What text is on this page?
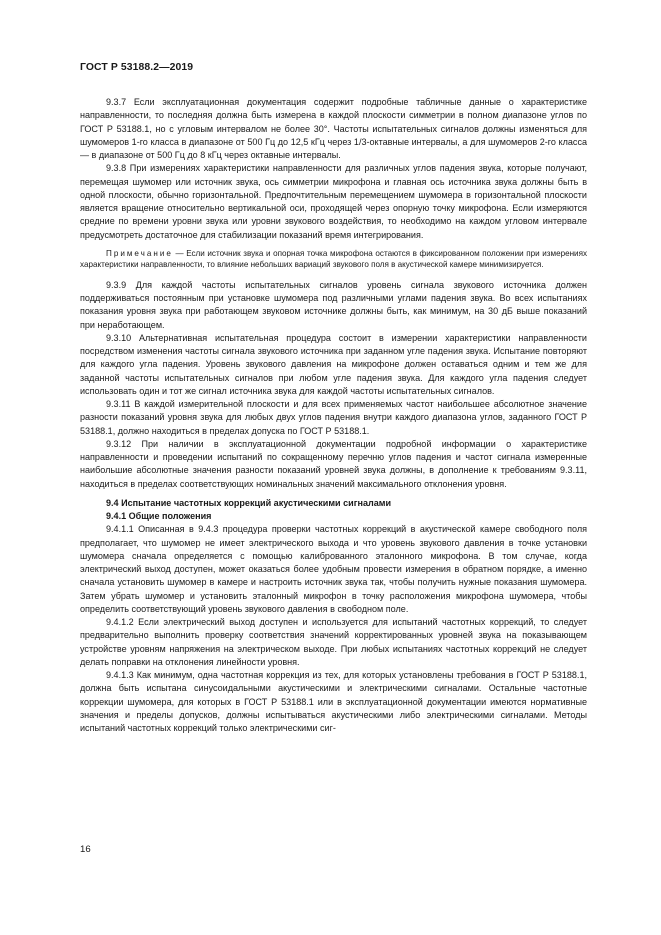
ГОСТ Р 53188.2—2019

9.3.7 Если эксплуатационная документация содержит подробные табличные данные о характеристике направленности, то последняя должна быть измерена в каждой плоскости симметрии в полном диапазоне углов по ГОСТ Р 53188.1, но с угловым интервалом не более 30°. Частоты испытательных сигналов должны изменяться для шумомеров 1-го класса в диапазоне от 500 Гц до 12,5 кГц через 1/3-октавные интервалы, а для шумомеров 2-го класса — в диапазоне от 500 Гц до 8 кГц через октавные интервалы.

9.3.8 При измерениях характеристики направленности для различных углов падения звука, которые получают, перемещая шумомер или источник звука, ось симметрии микрофона и главная ось источника звука должны быть в одной плоскости, обычно горизонтальной. Предпочтительным перемещением шумомера в горизонтальной плоскости является вращение относительно вертикальной оси, проходящей через опорную точку микрофона. Если измеряются средние по времени уровни звука или уровни звукового воздействия, то необходимо на каждом угловом интервале предусмотреть достаточное для стабилизации показаний время интегрирования.

Примечание — Если источник звука и опорная точка микрофона остаются в фиксированном положении при измерениях характеристики направленности, то влияние небольших вариаций звукового поля в акустической камере минимизируется.

9.3.9 Для каждой частоты испытательных сигналов уровень сигнала звукового источника должен поддерживаться постоянным при установке шумомера под различными углами падения звука. Во всех испытаниях показания уровня звука при работающем звуковом источнике должны быть, как минимум, на 30 дБ выше показаний при неработающем.

9.3.10 Альтернативная испытательная процедура состоит в измерении характеристики направленности посредством изменения частоты сигнала звукового источника при заданном угле падения звука. Испытание повторяют для каждого угла падения. Уровень звукового давления на микрофоне должен оставаться одним и тем же для заданной частоты испытательных сигналов при любом угле падения звука. Для каждого угла падения следует использовать один и тот же сигнал источника звука для каждой частоты испытательных сигналов.

9.3.11 В каждой измерительной плоскости и для всех применяемых частот наибольшее абсолютное значение разности показаний уровня звука для любых двух углов падения внутри каждого диапазона углов, заданного ГОСТ Р 53188.1, должно находиться в пределах допуска по ГОСТ Р 53188.1.

9.3.12 При наличии в эксплуатационной документации подробной информации о характеристике направленности и проведении испытаний по сокращенному перечню углов падения и частот сигнала измеренные наибольшие абсолютные значения разности показаний уровней звука должны, в дополнение к требованиям 9.3.11, находиться в пределах соответствующих номинальных значений максимального отклонения уровня.

9.4 Испытание частотных коррекций акустическими сигналами

9.4.1 Общие положения

9.4.1.1 Описанная в 9.4.3 процедура проверки частотных коррекций в акустической камере свободного поля предполагает, что шумомер не имеет электрического выхода и что уровень звукового давления в точке установки шумомера сначала определяется с помощью калиброванного эталонного микрофона. В том случае, когда электрический выход доступен, может оказаться более удобным провести измерения в обратном порядке, а именно сначала установить шумомер в камере и настроить источник звука так, чтобы получить нужные показания шумомера. Затем убрать шумомер и установить эталонный микрофон в точку расположения микрофона шумомера, чтобы определить соответствующий уровень звукового давления в свободном поле.

9.4.1.2 Если электрический выход доступен и используется для испытаний частотных коррекций, то следует предварительно выполнить проверку соответствия значений корректированных уровней звука на показывающем устройстве уровням напряжения на электрическом выходе. При любых испытаниях частотных коррекций не следует делать поправки на отклонения линейности уровня.

9.4.1.3 Как минимум, одна частотная коррекция из тех, для которых установлены требования в ГОСТ Р 53188.1, должна быть испытана синусоидальными акустическими и электрическими сигналами. Остальные частотные коррекции шумомера, для которых в ГОСТ Р 53188.1 или в эксплуатационной документации имеются нормативные значения и пределы допусков, должны испытываться акустическими либо электрическими сигналами. Методы испытаний частотных коррекций только электрическими сиг-

16
